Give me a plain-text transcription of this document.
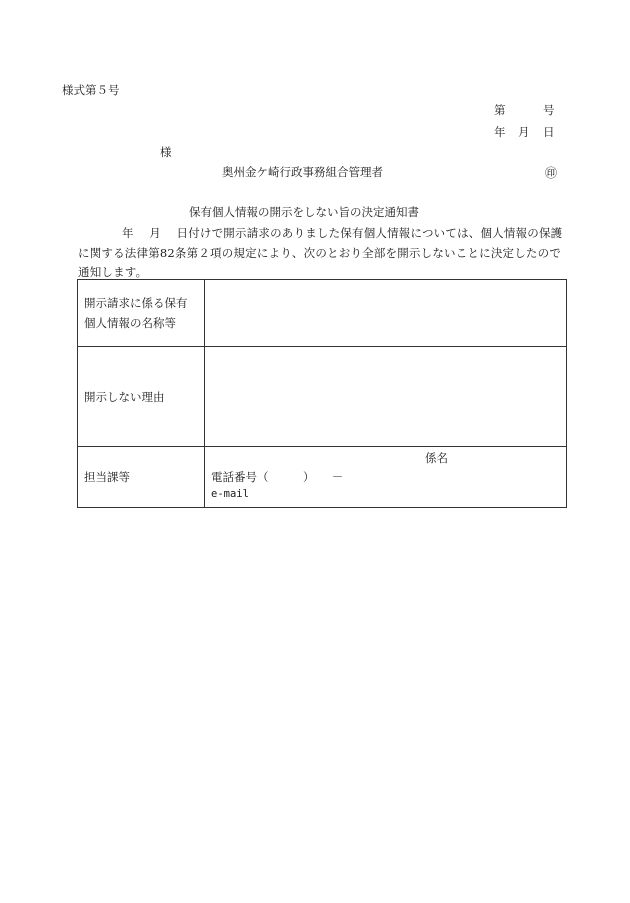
様式第５号
第	号
年 月 日
様
奥州金ケ崎行政事務組合管理者	㊞
保有個人情報の開示をしない旨の決定通知書
年　 月　 日付けで開示請求のありました保有個人情報については、個人情報の保護に関する法律第82条第２項の規定により、次のとおり全部を開示しないことに決定したので通知します。
開示請求に係る保有個人情報の名称等	
開示しない理由	
担当課等	係名
電話番号（　　　）　　－
e-mail
